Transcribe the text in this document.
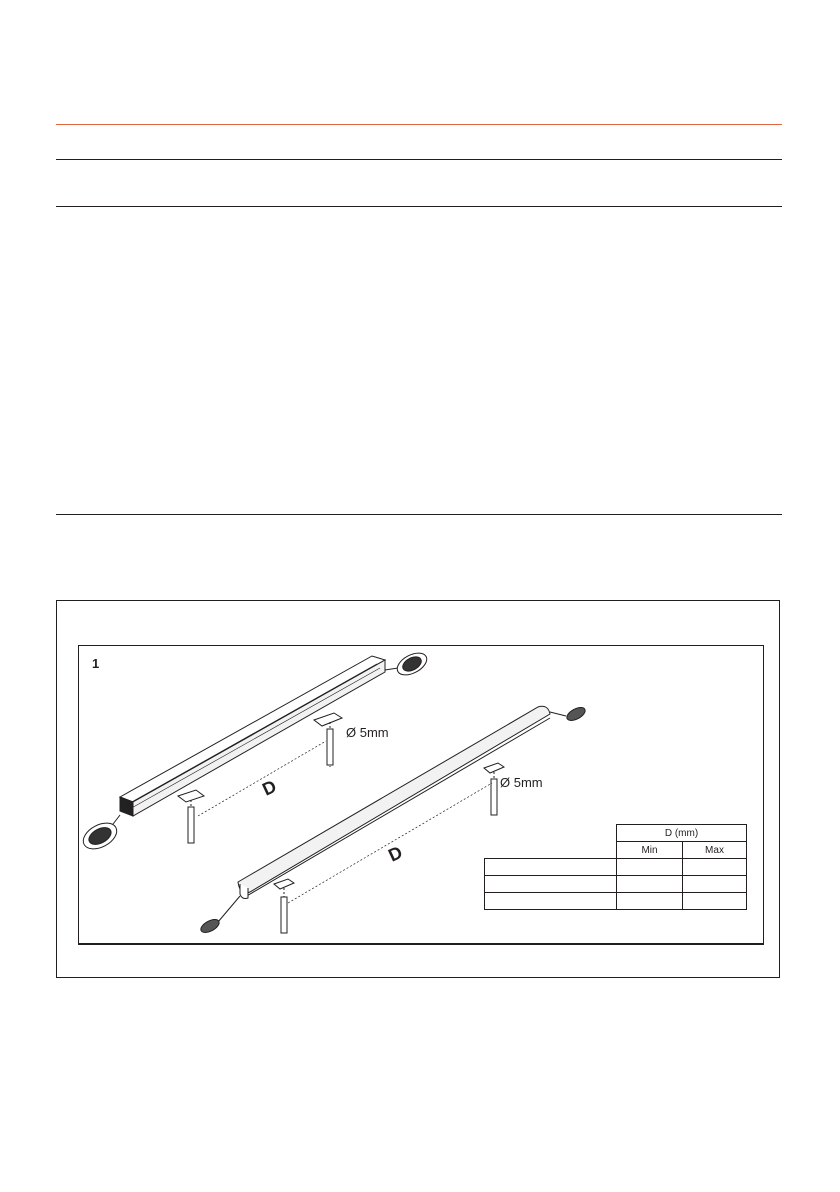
1
D
Ø 5mm
D
Ø 5mm
	D (mm)	
	Min	Max
